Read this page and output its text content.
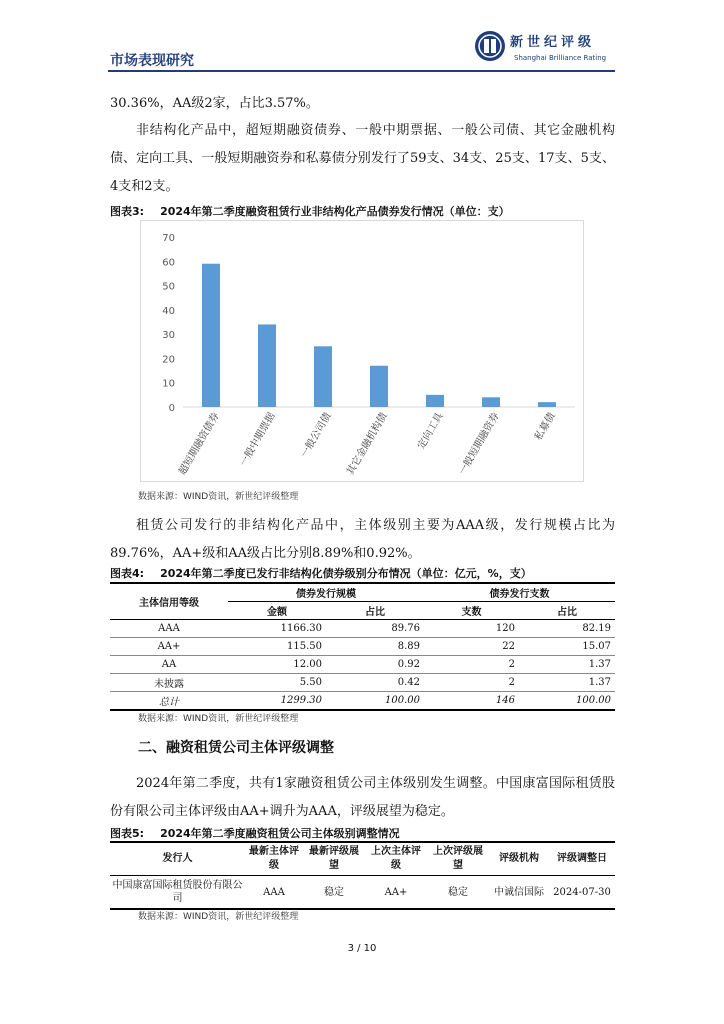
市场表现研究
新世纪评级
Shanghai Brilliance Rating

30.36%，AA级2家，占比3.57%。

非结构化产品中，超短期融资债券、一般中期票据、一般公司债、其它金融机构债、定向工具、一般短期融资券和私募债分别发行了59支、34支、25支、17支、5支、4支和2支。

图表3: 2024年第二季度融资租赁行业非结构化产品债券发行情况（单位：支）
0
10
20
30
40
50
60
70
超短期融资债券 一般中期票据 一般公司债 其它金融机构债	定向工具 一般短期融资券	私募债
数据来源：WIND资讯，新世纪评级整理

租赁公司发行的非结构化产品中，主体级别主要为AAA级，发行规模占比为89.76%，AA+级和AA级占比分别8.89%和0.92%。

图表4: 2024年第二季度已发行非结构化债券级别分布情况（单位：亿元，%，支）
主体信用等级	债券发行规模		债券发行支数	
	金额	占比	支数	占比
AAA	1166.30	89.76	120	82.19
AA+	115.50	8.89	22	15.07
AA	12.00	0.92	2	1.37
未披露	5.50	0.42	2	1.37
总计	1299.30	100.00	146	100.00
数据来源：WIND资讯，新世纪评级整理
二、融资租赁公司主体评级调整

2024年第二季度，共有1家融资租赁公司主体级别发生调整。中国康富国际租赁股份有限公司主体评级由AA+调升为AAA，评级展望为稳定。

图表5: 2024年第二季度融资租赁公司主体级别调整情况
发行人	最新主体评级	最新评级展望	上次主体评级	上次评级展望	评级机构	评级调整日
中国康富国际租赁股份有限公司	AAA	稳定	AA+	稳定	中诚信国际	2024-07-30
数据来源：WIND资讯，新世纪评级整理
3 / 10
